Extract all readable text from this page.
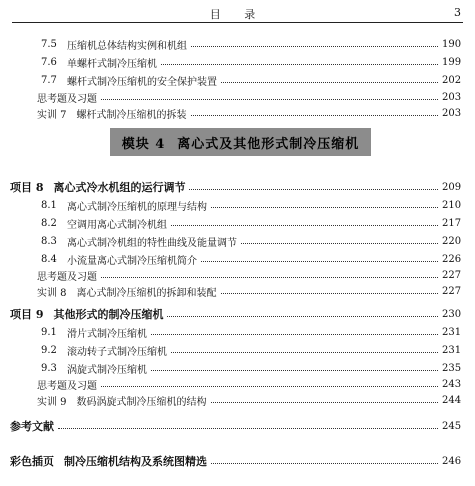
目 录	3
7.5	压缩机总体结构实例和机组	190
7.6	单螺杆式制冷压缩机	199
7.7	螺杆式制冷压缩机的安全保护装置	202
思考题及习题	203
实训 7　螺杆式制冷压缩机的拆装	203
模块 4 离心式及其他形式制冷压缩机
项目 8 离心式冷水机组的运行调节	209
8.1	离心式制冷压缩机的原理与结构	210
8.2	空调用离心式制冷机组	217
8.3	离心式制冷机组的特性曲线及能量调节	220
8.4	小流量离心式制冷压缩机简介	226
思考题及习题	227
实训 8　离心式制冷压缩机的拆卸和装配	227
项目 9 其他形式的制冷压缩机	230
9.1	滑片式制冷压缩机	231
9.2	滚动转子式制冷压缩机	231
9.3	涡旋式制冷压缩机	235
思考题及习题	243
实训 9　数码涡旋式制冷压缩机的结构	244
参考文献	245
彩色插页 制冷压缩机结构及系统图精选	246
